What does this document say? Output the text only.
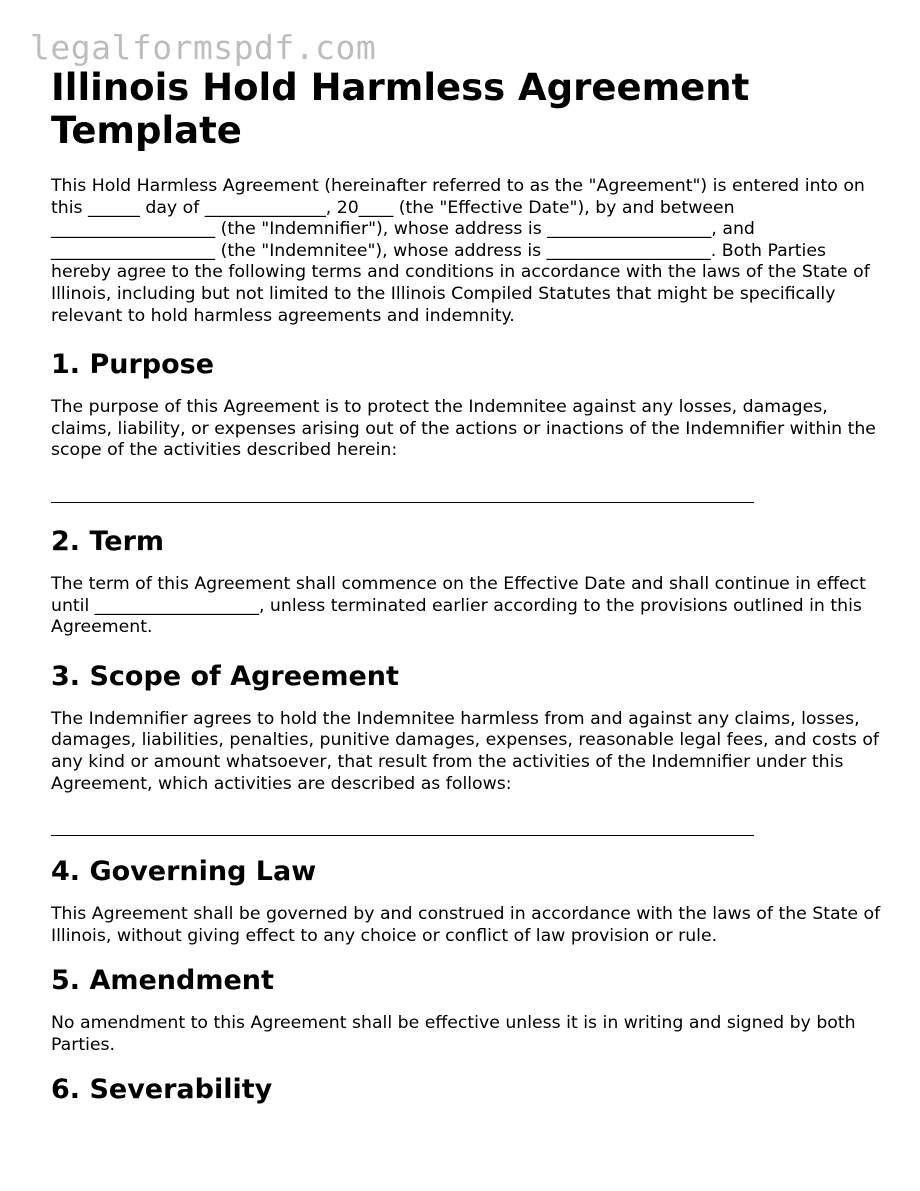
legalformspdf.com
Illinois Hold Harmless Agreement Template

This Hold Harmless Agreement (hereinafter referred to as the "Agreement") is entered into on this ______ day of ______________, 20____ (the "Effective Date"), by and between ___________________ (the "Indemnifier"), whose address is ___________________, and ___________________ (the "Indemnitee"), whose address is ___________________. Both Parties hereby agree to the following terms and conditions in accordance with the laws of the State of Illinois, including but not limited to the Illinois Compiled Statutes that might be specifically relevant to hold harmless agreements and indemnity.

1. Purpose

The purpose of this Agreement is to protect the Indemnitee against any losses, damages, claims, liability, or expenses arising out of the actions or inactions of the Indemnifier within the scope of the activities described herein:

2. Term

The term of this Agreement shall commence on the Effective Date and shall continue in effect until ___________________, unless terminated earlier according to the provisions outlined in this Agreement.

3. Scope of Agreement

The Indemnifier agrees to hold the Indemnitee harmless from and against any claims, losses, damages, liabilities, penalties, punitive damages, expenses, reasonable legal fees, and costs of any kind or amount whatsoever, that result from the activities of the Indemnifier under this Agreement, which activities are described as follows:

4. Governing Law

This Agreement shall be governed by and construed in accordance with the laws of the State of Illinois, without giving effect to any choice or conflict of law provision or rule.

5. Amendment

No amendment to this Agreement shall be effective unless it is in writing and signed by both Parties.

6. Severability
